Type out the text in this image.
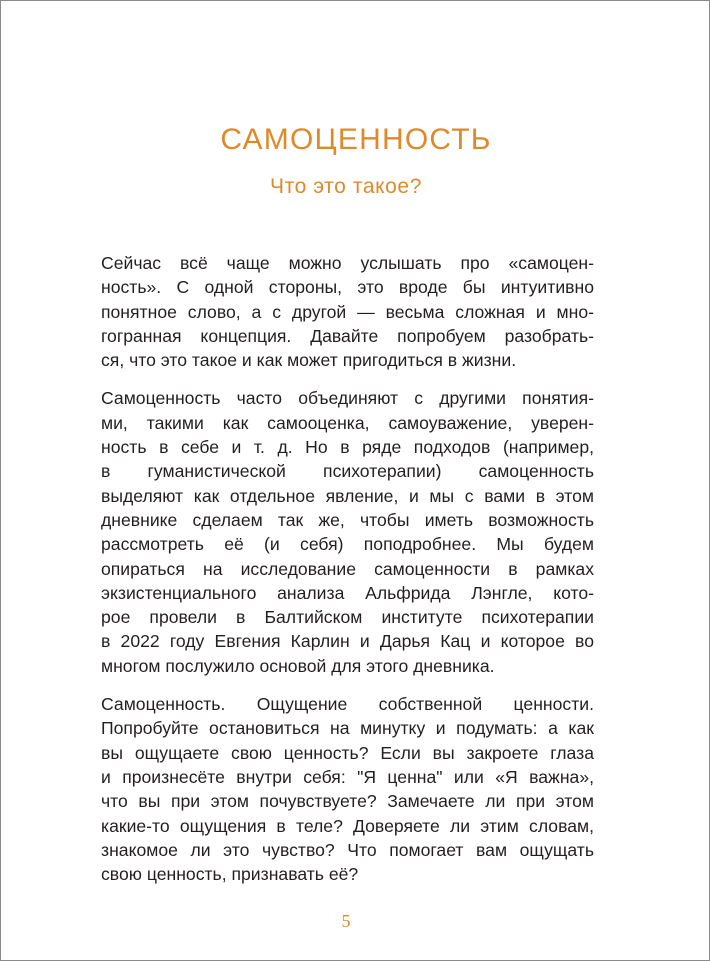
САМОЦЕННОСТЬ
Что это такое?

Сейчас всё чаще можно услышать про «самоцен-
ность». С одной стороны, это вроде бы интуитивно
понятное слово, а с другой — весьма сложная и мно-
гогранная концепция. Давайте попробуем разобрать-
ся, что это такое и как может пригодиться в жизни.

Самоценность часто объединяют с другими понятия-
ми, такими как самооценка, самоуважение, уверен-
ность в себе и т. д. Но в ряде подходов (например,
в гуманистической психотерапии) самоценность
выделяют как отдельное явление, и мы с вами в этом
дневнике сделаем так же, чтобы иметь возможность
рассмотреть её (и себя) поподробнее. Мы будем
опираться на исследование самоценности в рамках
экзистенциального анализа Альфрида Лэнгле, кото-
рое провели в Балтийском институте психотерапии
в 2022 году Евгения Карлин и Дарья Кац и которое во
многом послужило основой для этого дневника.

Самоценность. Ощущение собственной ценности.
Попробуйте остановиться на минутку и подумать: а как
вы ощущаете свою ценность? Если вы закроете глаза
и произнесёте внутри себя: "Я ценна" или «Я важна»,
что вы при этом почувствуете? Замечаете ли при этом
какие-то ощущения в теле? Доверяете ли этим словам,
знакомое ли это чувство? Что помогает вам ощущать
свою ценность, признавать её?

5
